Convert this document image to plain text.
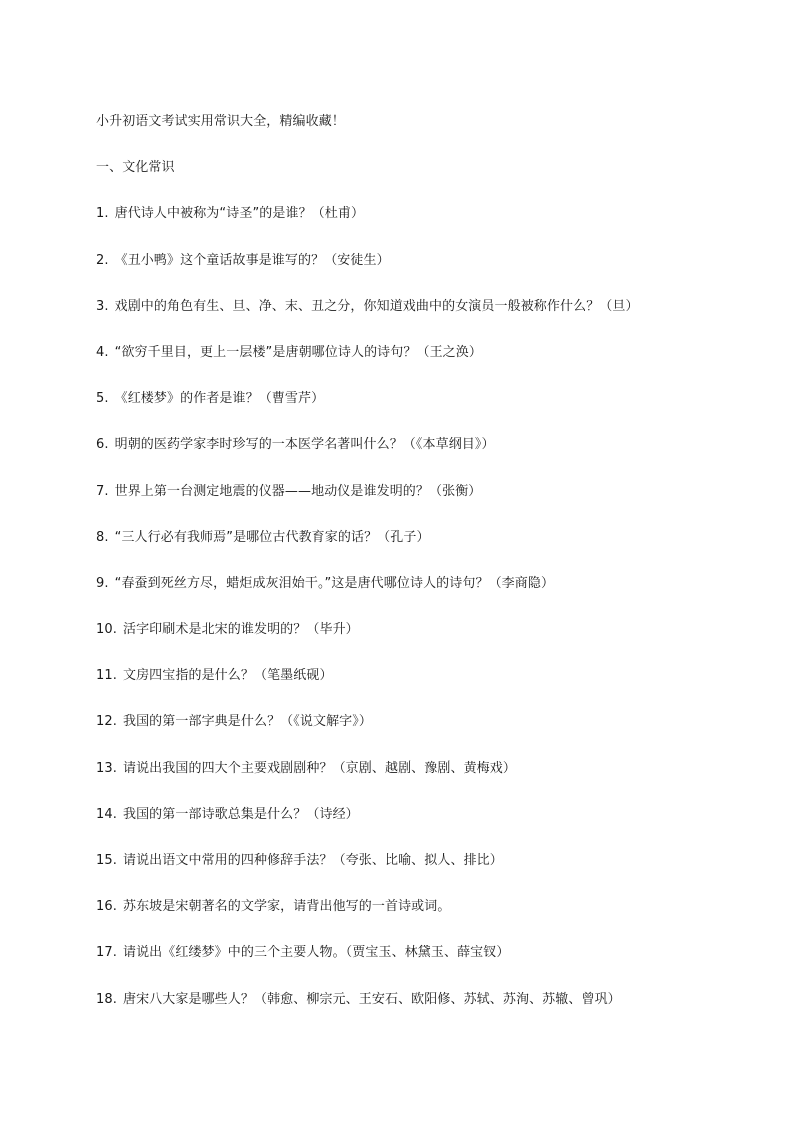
小升初语文考试实用常识大全，精编收藏！
一、文化常识
1. 唐代诗人中被称为“诗圣”的是谁？（杜甫）
2. 《丑小鸭》这个童话故事是谁写的？（安徒生）
3. 戏剧中的角色有生、旦、净、末、丑之分，你知道戏曲中的女演员一般被称作什么？（旦）
4. “欲穷千里目，更上一层楼”是唐朝哪位诗人的诗句？（王之涣）
5. 《红楼梦》的作者是谁？（曹雪芹）
6. 明朝的医药学家李时珍写的一本医学名著叫什么？（《本草纲目》）
7. 世界上第一台测定地震的仪器——地动仪是谁发明的？（张衡）
8. “三人行必有我师焉”是哪位古代教育家的话？（孔子）
9. “春蚕到死丝方尽，蜡炬成灰泪始干。”这是唐代哪位诗人的诗句？（李商隐）
10. 活字印刷术是北宋的谁发明的？（毕升）
11. 文房四宝指的是什么？（笔墨纸砚）
12. 我国的第一部字典是什么？（《说文解字》）
13. 请说出我国的四大个主要戏剧剧种？（京剧、越剧、豫剧、黄梅戏）
14. 我国的第一部诗歌总集是什么？（诗经）
15. 请说出语文中常用的四种修辞手法？（夸张、比喻、拟人、排比）
16. 苏东坡是宋朝著名的文学家，请背出他写的一首诗或词。
17. 请说出《红缕梦》中的三个主要人物。（贾宝玉、林黛玉、薛宝钗）
18. 唐宋八大家是哪些人？（韩愈、柳宗元、王安石、欧阳修、苏轼、苏洵、苏辙、曾巩）
